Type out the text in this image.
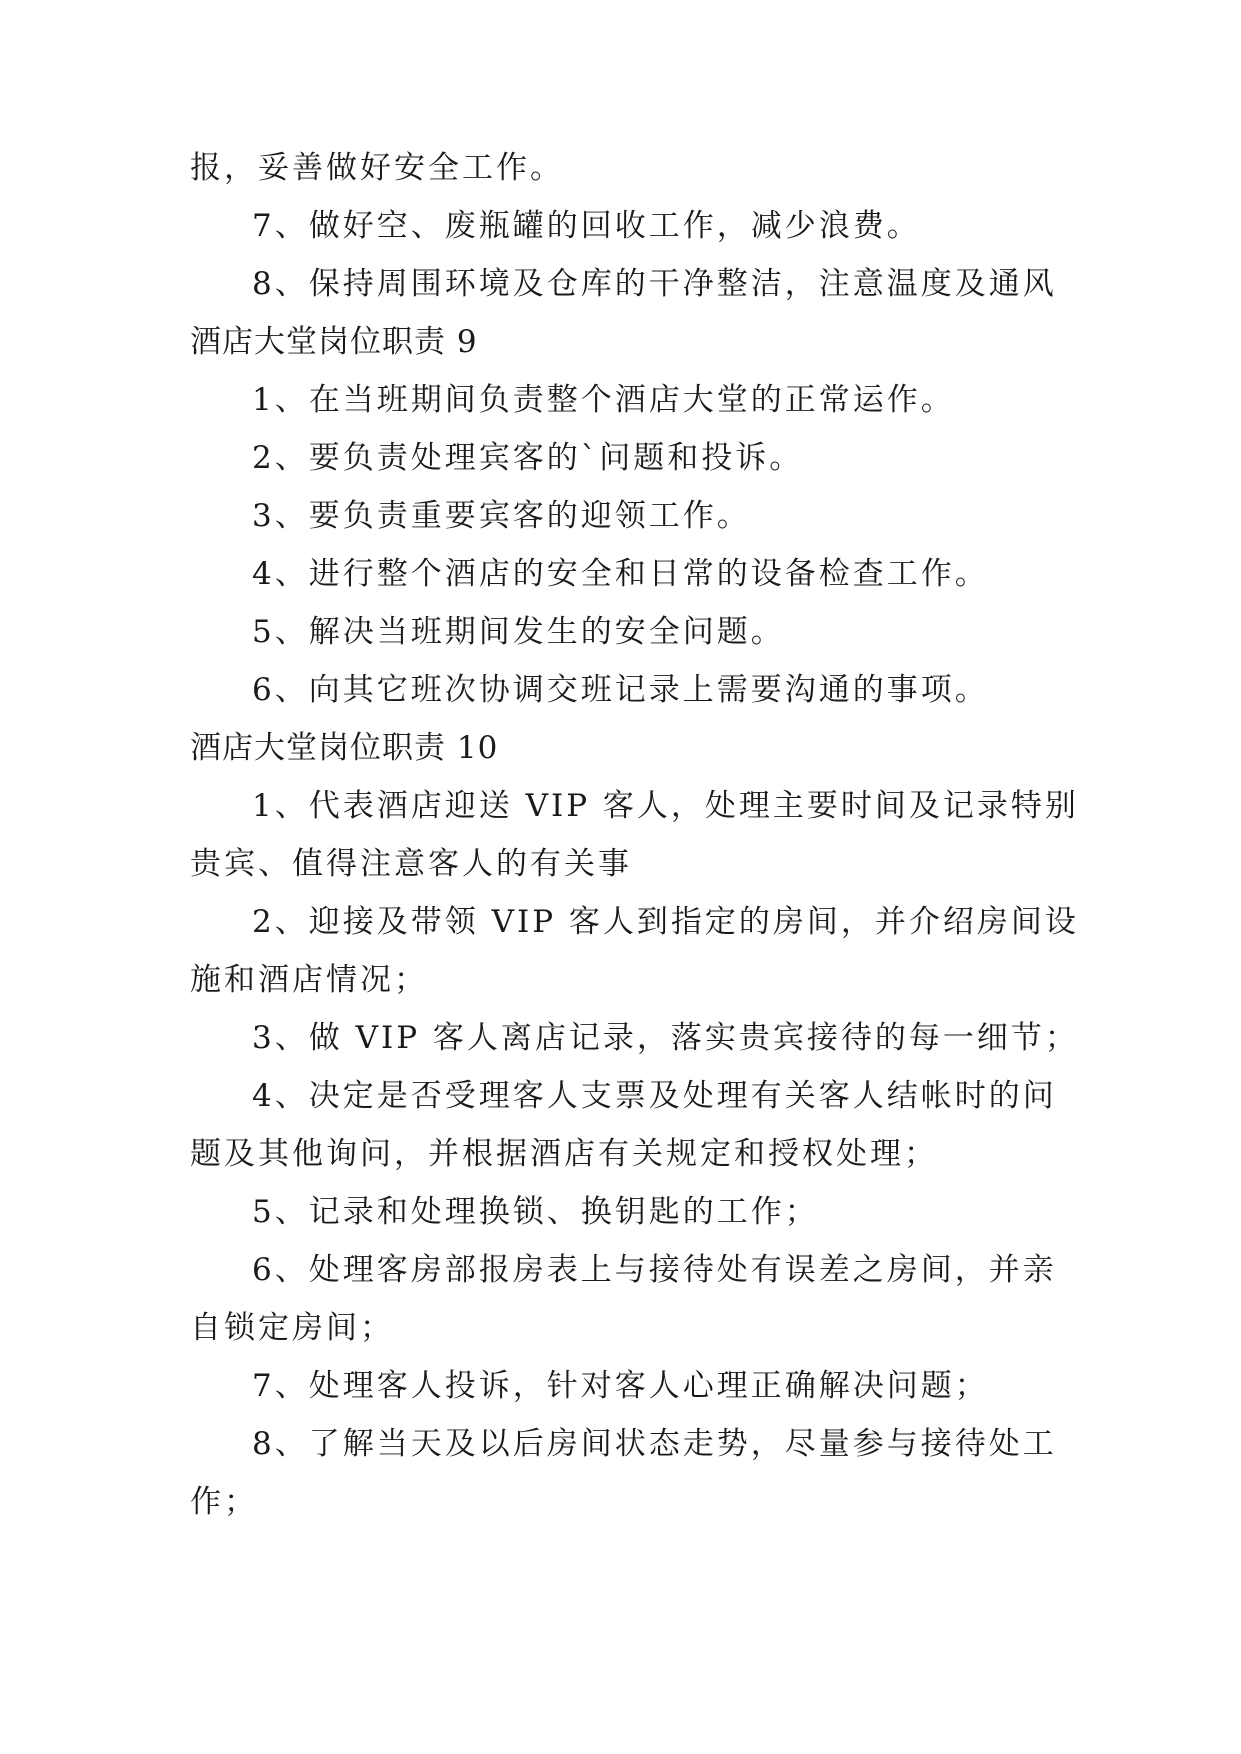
报，妥善做好安全工作。
7、做好空、废瓶罐的回收工作，减少浪费。
8、保持周围环境及仓库的干净整洁，注意温度及通风
酒店大堂岗位职责 9
1、在当班期间负责整个酒店大堂的正常运作。
2、要负责处理宾客的`问题和投诉。
3、要负责重要宾客的迎领工作。
4、进行整个酒店的安全和日常的设备检查工作。
5、解决当班期间发生的安全问题。
6、向其它班次协调交班记录上需要沟通的事项。
酒店大堂岗位职责 10
1、代表酒店迎送 VIP 客人，处理主要时间及记录特别
贵宾、值得注意客人的有关事
2、迎接及带领 VIP 客人到指定的房间，并介绍房间设
施和酒店情况；
3、做 VIP 客人离店记录，落实贵宾接待的每一细节；
4、决定是否受理客人支票及处理有关客人结帐时的问
题及其他询问，并根据酒店有关规定和授权处理；
5、记录和处理换锁、换钥匙的工作；
6、处理客房部报房表上与接待处有误差之房间，并亲
自锁定房间；
7、处理客人投诉，针对客人心理正确解决问题；
8、了解当天及以后房间状态走势，尽量参与接待处工
作；
